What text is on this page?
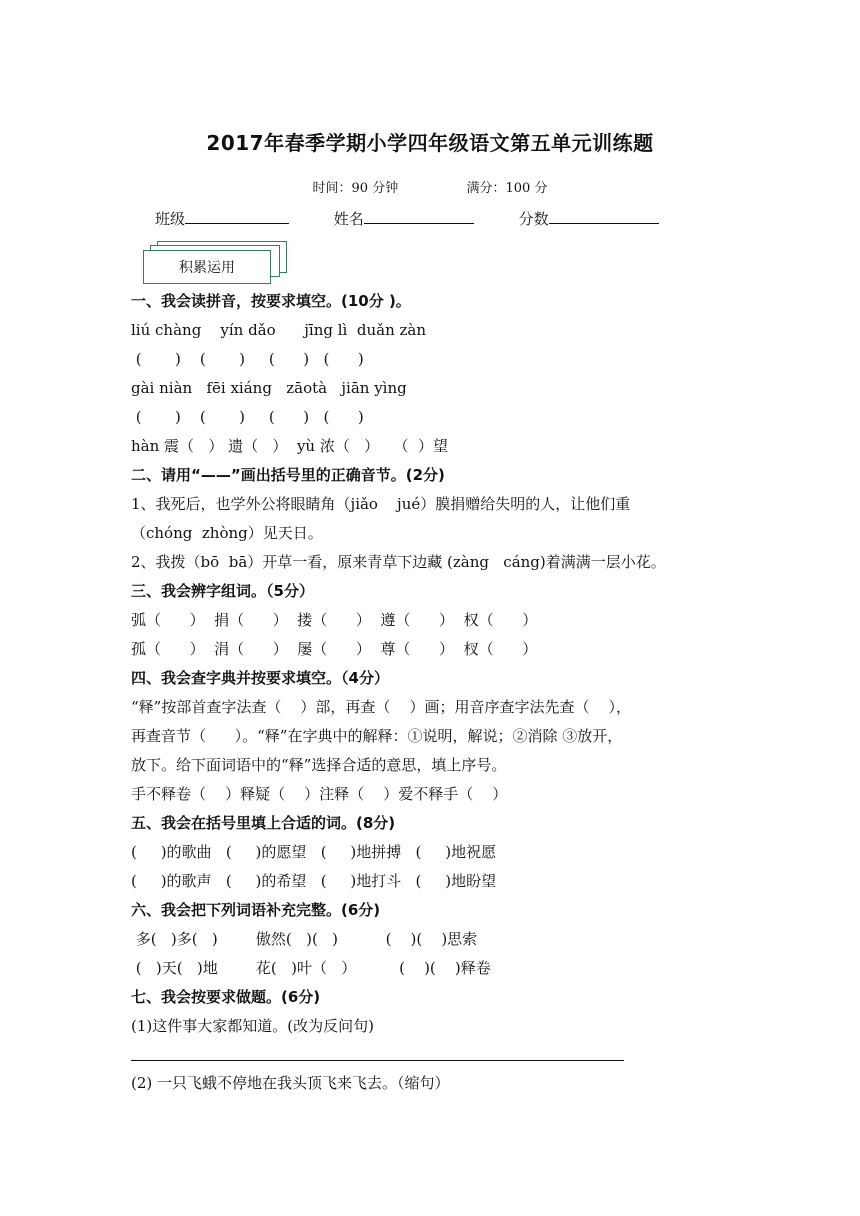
2017年春季学期小学四年级语文第五单元训练题
时间：90 分钟	满分：100 分
班级	姓名	分数
积累运用
一、我会读拼音，按要求填空。(10分 )。
liú chàng    yín dǎo      jīng lì  duǎn zàn
(       )    (       )     (      )   (      )
gài niàn   fēi xiáng   zāotà   jiān yìng
(       )    (       )     (      )   (      )
hàn 震（   ） 遗（   ）  yù 浓（   ）   （  ）望
二、请用“——”画出括号里的正确音节。(2分)
1、我死后，也学外公将眼睛角（jiǎo    jué）膜捐赠给失明的人，让他们重
（chóng  zhòng）见天日。
2、我拨（bō  bā）开草一看，原来青草下边藏 (zàng   cáng)着满满一层小花。
三、我会辨字组词。（5分）
弧（      ）  捐（      ）  搂（      ）  遵（      ）  权（      ）
孤（      ）  涓（      ）  屡（      ）  尊（      ）  杈（      ）
四、我会查字典并按要求填空。（4分）
“释”按部首查字法查（    ）部，再查（    ）画；用音序查字法先查（    ），
再查音节（      ）。“释”在字典中的解释：①说明，解说；②消除 ③放开，
放下。给下面词语中的“释”选择合适的意思，填上序号。
手不释卷（    ）释疑（    ）注释（    ）爱不释手（    ）
五、我会在括号里填上合适的词。(8分)
(     )的歌曲   (     )的愿望   (     )地拼搏   (     )地祝愿
(     )的歌声   (     )的希望   (     )地打斗   (     )地盼望
六、我会把下列词语补充完整。(6分)
多(   )多(   )        傲然(   )(   )          (    )(    )思索
(   )天(   )地        花(   )叶（   ）         (    )(    )释卷
七、我会按要求做题。(6分)
(1)这件事大家都知道。(改为反问句)
(2) 一只飞蛾不停地在我头顶飞来飞去。（缩句）
